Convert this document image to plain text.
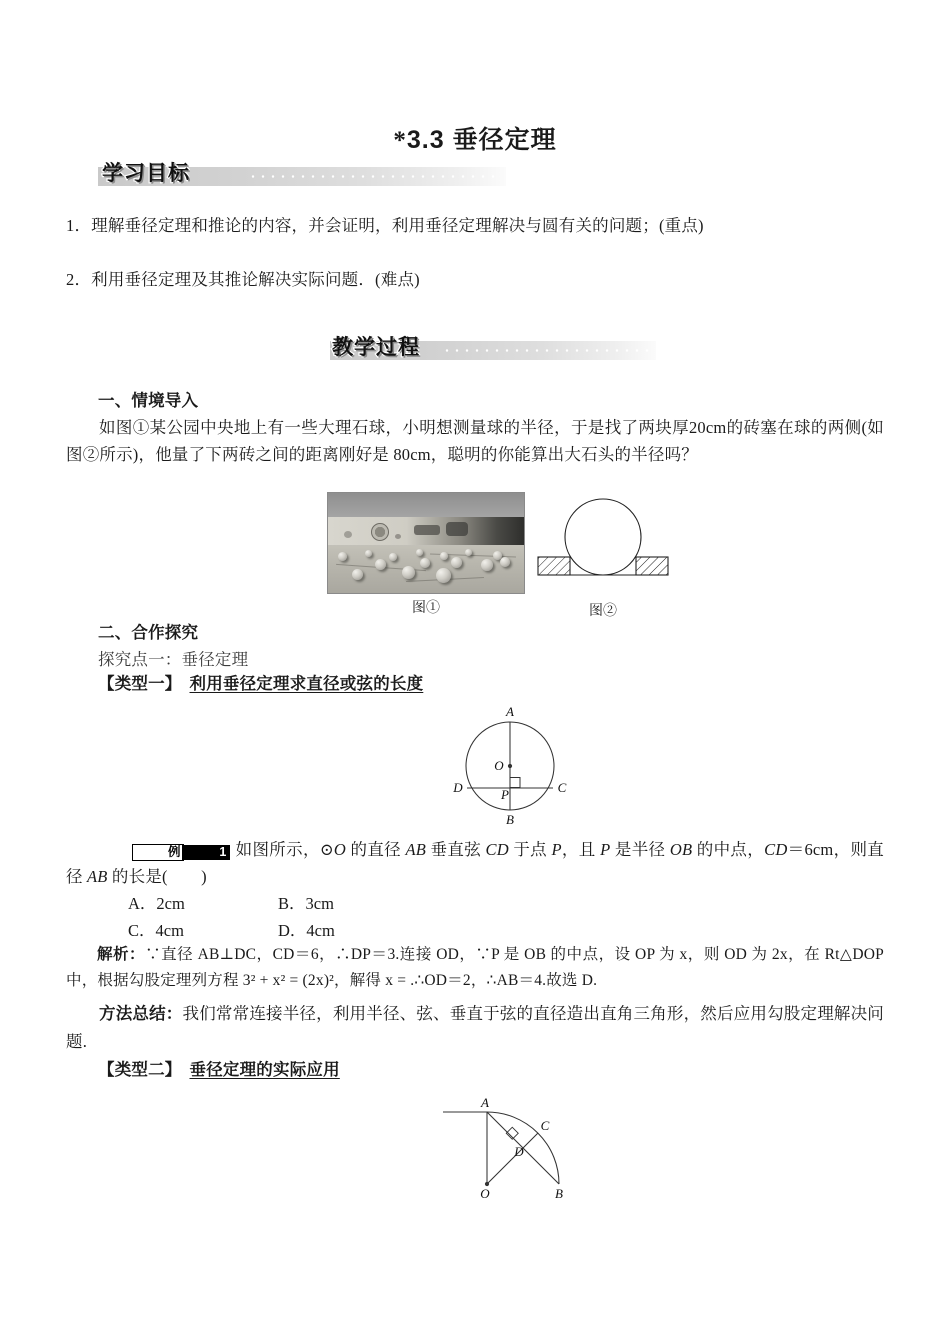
*3.3 垂径定理
学习目标
1．理解垂径定理和推论的内容，并会证明，利用垂径定理解决与圆有关的问题；(重点)
2．利用垂径定理及其推论解决实际问题．(难点)
教学过程
一、情境导入
如图①某公园中央地上有一些大理石球，小明想测量球的半径，于是找了两块厚20cm的砖塞在球的两侧(如图②所示)，他量了下两砖之间的距离刚好是 80cm，聪明的你能算出大石头的半径吗？
图①	图②
二、合作探究
探究点一：垂径定理
【类型一】 利用垂径定理求直径或弦的长度
A
B
O
P
D	C
例	1 如图所示，⊙O 的直径 AB 垂直弦 CD 于点 P，且 P 是半径 OB 的中点，CD＝6cm，则直径 AB 的长是(　　)
A．2cm	B．3cm
C．4cm	D．4cm
解析：∵直径 AB⊥DC，CD＝6，∴DP＝3.连接 OD，∵P 是 OB 的中点，设 OP 为 x，则 OD 为 2x，在 Rt△DOP 中，根据勾股定理列方程 3² + x² = (2x)²，解得 x = .∴OD＝2，∴AB＝4.故选 D.
方法总结：我们常常连接半径，利用半径、弦、垂直于弦的直径造出直角三角形，然后应用勾股定理解决问题.
【类型二】 垂径定理的实际应用
A
C
D
O	B
